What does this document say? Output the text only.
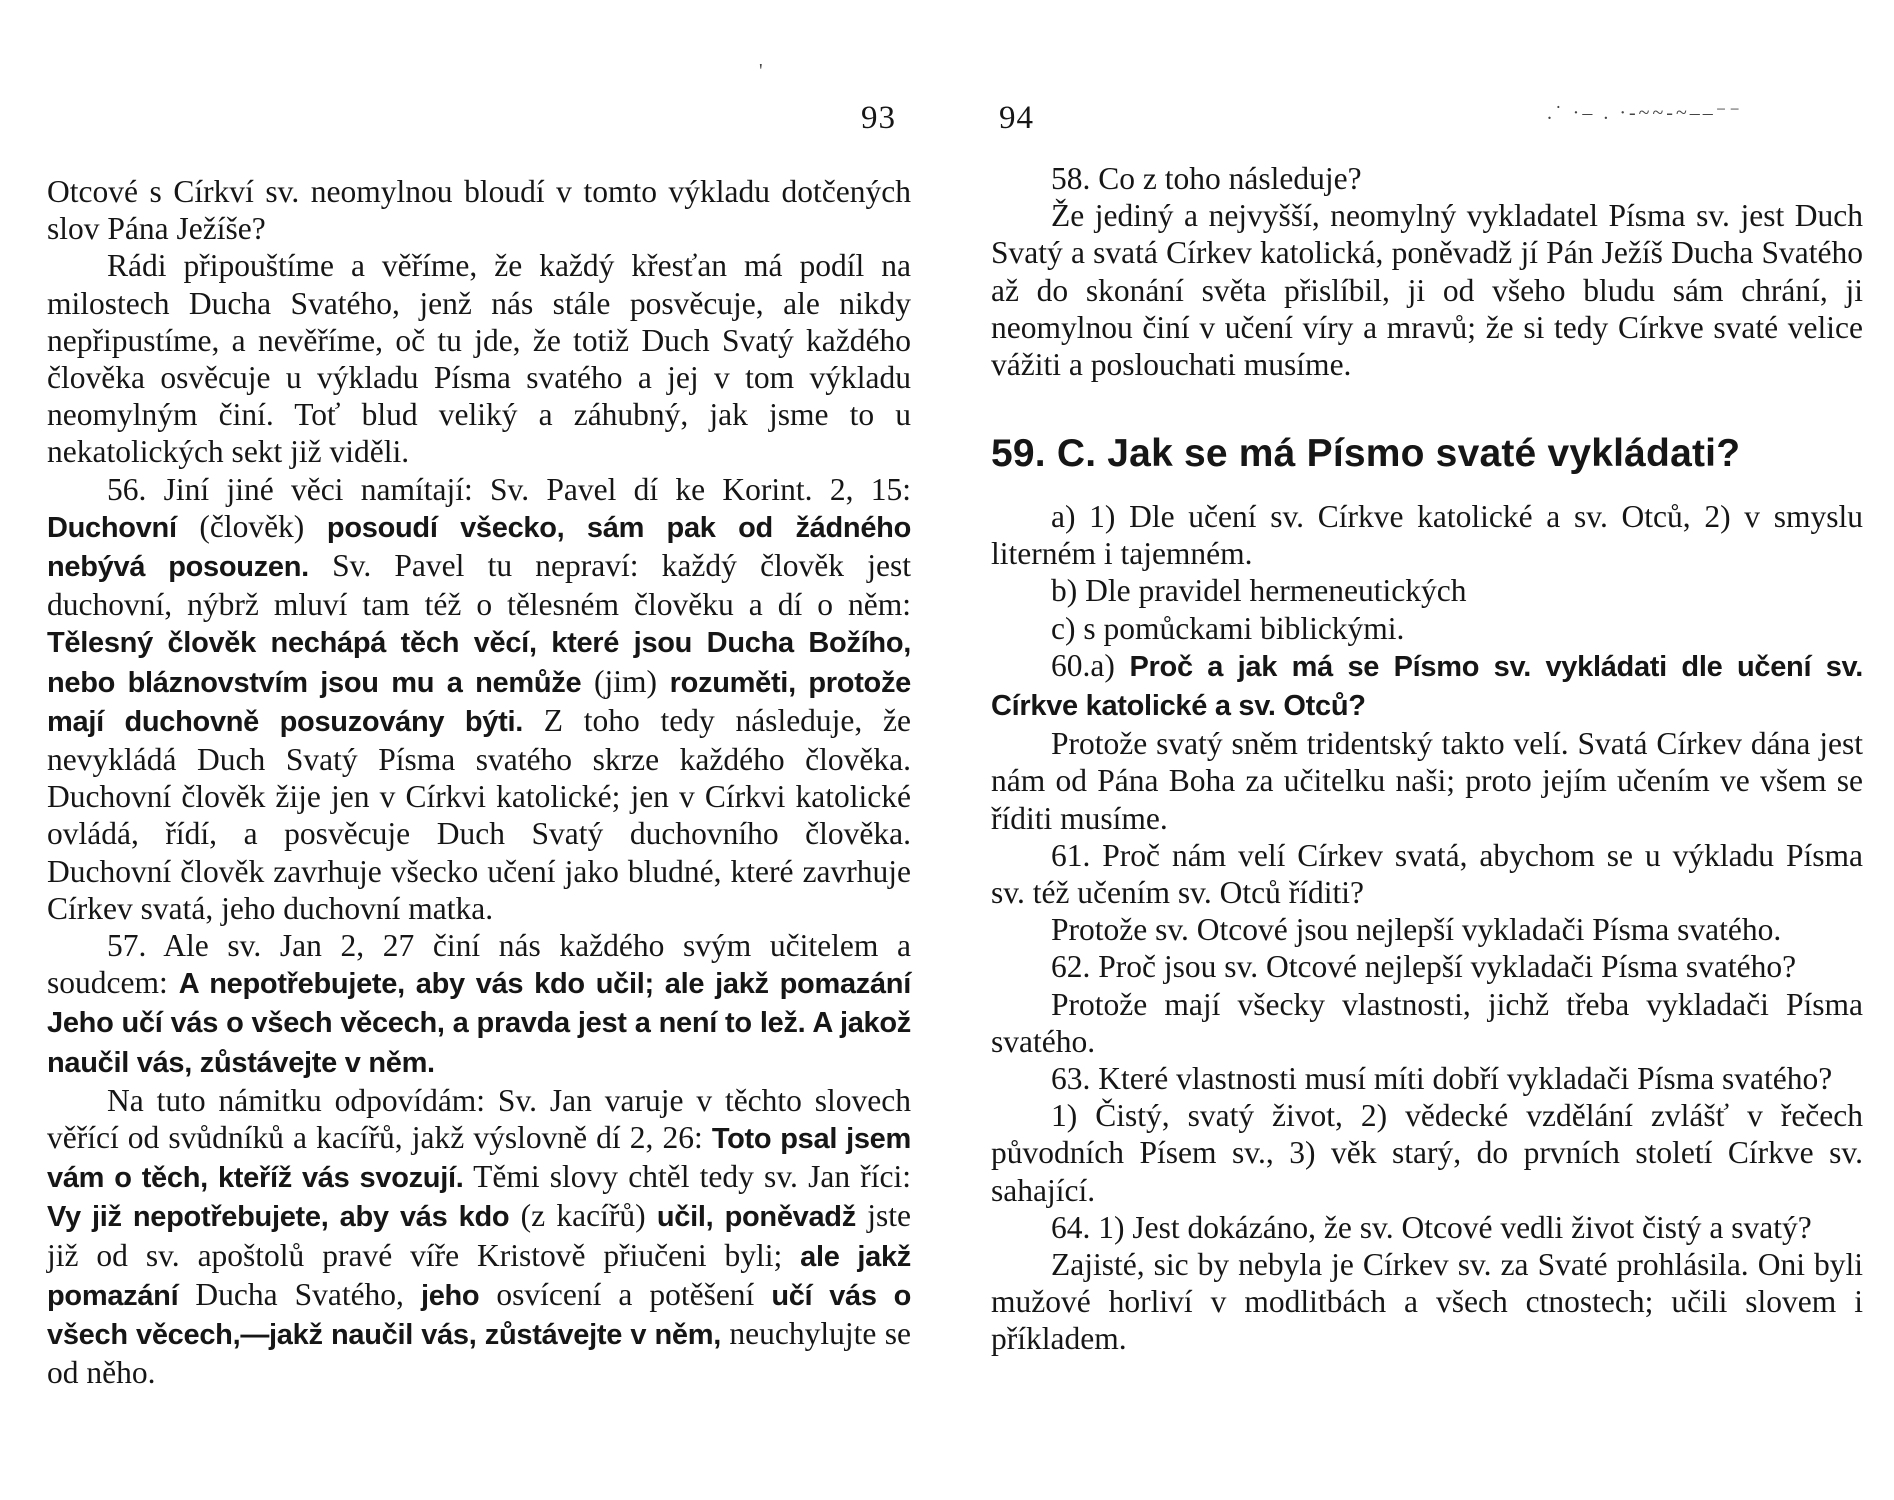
'
93

Otcové s Církví sv. neomylnou bloudí v tomto výkladu dotčených slov Pána Ježíše?

Rádi připouštíme a věříme, že každý křesťan má podíl na milostech Ducha Svatého, jenž nás stále posvěcuje, ale nikdy nepřipustíme, a nevěříme, oč tu jde, že totiž Duch Svatý každého člověka osvěcuje u výkladu Písma svatého a jej v tom výkladu neomylným činí. Toť blud veliký a záhubný, jak jsme to u nekatolických sekt již viděli.

56. Jiní jiné věci namítají: Sv. Pavel dí ke Korint. 2, 15: Duchovní (člověk) posoudí všecko, sám pak od žádného nebývá posouzen. Sv. Pavel tu nepraví: každý člověk jest duchovní, nýbrž mluví tam též o tělesném člověku a dí o něm: Tělesný člověk nechápá těch věcí, které jsou Ducha Božího, nebo bláznovstvím jsou mu a nemůže (jim) rozuměti, protože mají duchovně posuzovány býti. Z toho tedy následuje, že nevykládá Duch Svatý Písma svatého skrze každého člověka. Duchovní člověk žije jen v Církvi katolické; jen v Církvi katolické ovládá, řídí, a posvěcuje Duch Svatý duchovního člověka. Duchovní člověk zavrhuje všecko učení jako bludné, které zavrhuje Církev svatá, jeho duchovní matka.

57. Ale sv. Jan 2, 27 činí nás každého svým učitelem a soudcem: A nepotřebujete, aby vás kdo učil; ale jakž pomazání Jeho učí vás o všech věcech, a pravda jest a není to lež. A jakož naučil vás, zůstávejte v něm.

Na tuto námitku odpovídám: Sv. Jan varuje v těchto slovech věřící od svůdníků a kacířů, jakž výslovně dí 2, 26: Toto psal jsem vám o těch, kteříž vás svozují. Těmi slovy chtěl tedy sv. Jan říci: Vy již nepotřebujete, aby vás kdo (z kacířů) učil, poněvadž jste již od sv. apoštolů pravé víře Kristově přiučeni byli; ale jakž pomazání Ducha Svatého, jeho osvícení a potěšení učí vás o všech věcech,—jakž naučil vás, zůstávejte v něm, neuchylujte se od něho.

94	.˙ ·– . ·-~~-~‒‒⁻⁻

58. Co z toho následuje?

Že jediný a nejvyšší, neomylný vykladatel Písma sv. jest Duch Svatý a svatá Církev katolická, poněvadž jí Pán Ježíš Ducha Svatého až do skonání světa přislíbil, ji od všeho bludu sám chrání, ji neomylnou činí v učení víry a mravů; že si tedy Církve svaté velice vážiti a poslouchati musíme.

59. C. Jak se má Písmo svaté vykládati?

a) 1) Dle učení sv. Církve katolické a sv. Otců, 2) v smyslu literném i tajemném.

b) Dle pravidel hermeneutických

c) s pomůckami biblickými.

60.a) Proč a jak má se Písmo sv. vykládati dle učení sv. Církve katolické a sv. Otců?

Protože svatý sněm tridentský takto velí. Svatá Církev dána jest nám od Pána Boha za učitelku naši; proto jejím učením ve všem se říditi musíme.

61. Proč nám velí Církev svatá, abychom se u výkladu Písma sv. též učením sv. Otců říditi?

Protože sv. Otcové jsou nejlepší vykladači Písma svatého.

62. Proč jsou sv. Otcové nejlepší vykladači Písma svatého?

Protože mají všecky vlastnosti, jichž třeba vykladači Písma svatého.

63. Které vlastnosti musí míti dobří vykladači Písma svatého?

1) Čistý, svatý život, 2) vědecké vzdělání zvlášť v řečech původních Písem sv., 3) věk starý, do prvních století Církve sv. sahající.

64. 1) Jest dokázáno, že sv. Otcové vedli život čistý a svatý?

Zajisté, sic by nebyla je Církev sv. za Svaté prohlásila. Oni byli mužové horliví v modlitbách a všech ctnostech; učili slovem i příkladem.
